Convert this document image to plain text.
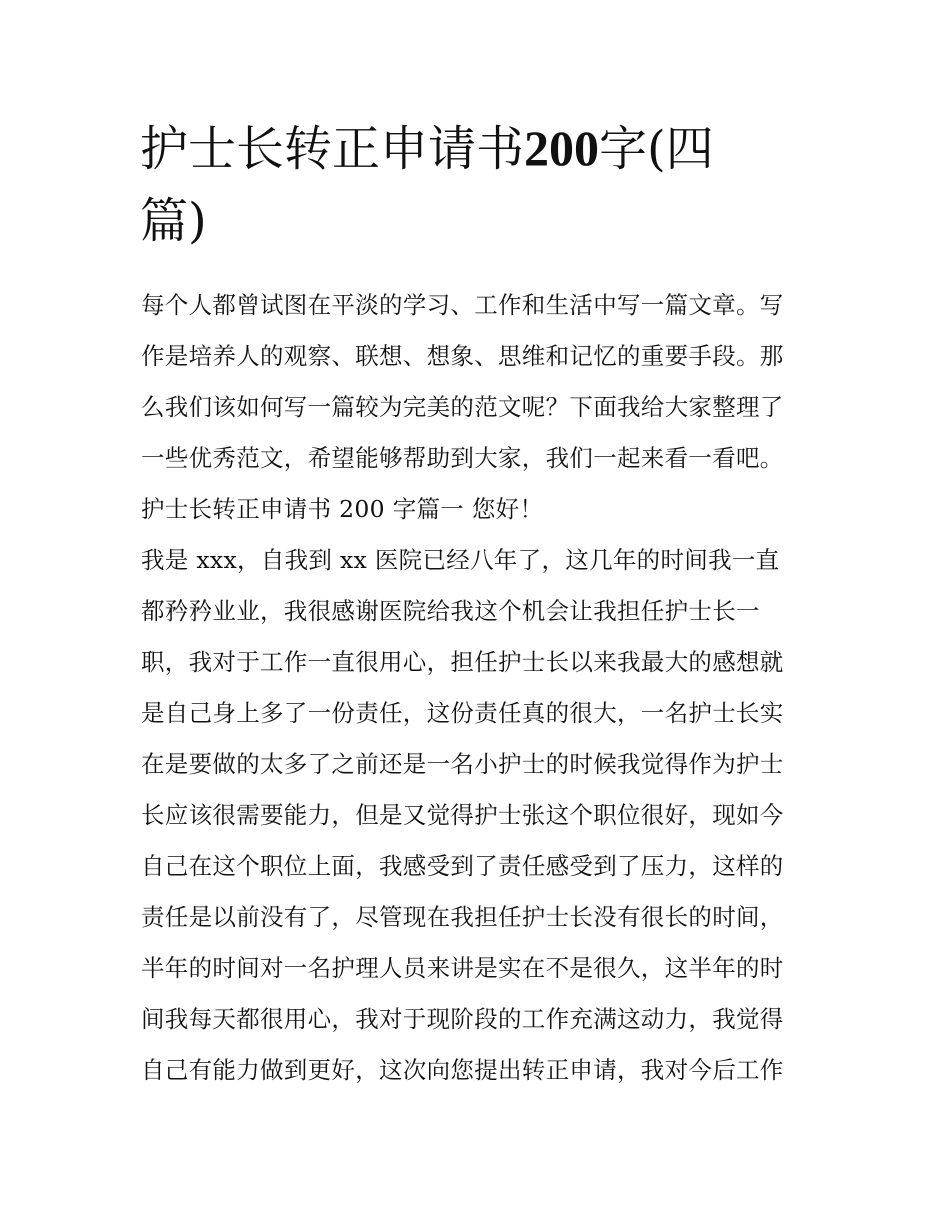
护士长转正申请书200字(四
篇)
每个人都曾试图在平淡的学习、工作和生活中写一篇文章。写
作是培养人的观察、联想、想象、思维和记忆的重要手段。那
么我们该如何写一篇较为完美的范文呢？下面我给大家整理了
一些优秀范文，希望能够帮助到大家，我们一起来看一看吧。
护士长转正申请书 200 字篇一 您好！
我是 xxx，自我到 xx 医院已经八年了，这几年的时间我一直
都矜矜业业，我很感谢医院给我这个机会让我担任护士长一
职，我对于工作一直很用心，担任护士长以来我最大的感想就
是自己身上多了一份责任，这份责任真的很大，一名护士长实
在是要做的太多了之前还是一名小护士的时候我觉得作为护士
长应该很需要能力，但是又觉得护士张这个职位很好，现如今
自己在这个职位上面，我感受到了责任感受到了压力，这样的
责任是以前没有了，尽管现在我担任护士长没有很长的时间，
半年的时间对一名护理人员来讲是实在不是很久，这半年的时
间我每天都很用心，我对于现阶段的工作充满这动力，我觉得
自己有能力做到更好，这次向您提出转正申请，我对今后工作
